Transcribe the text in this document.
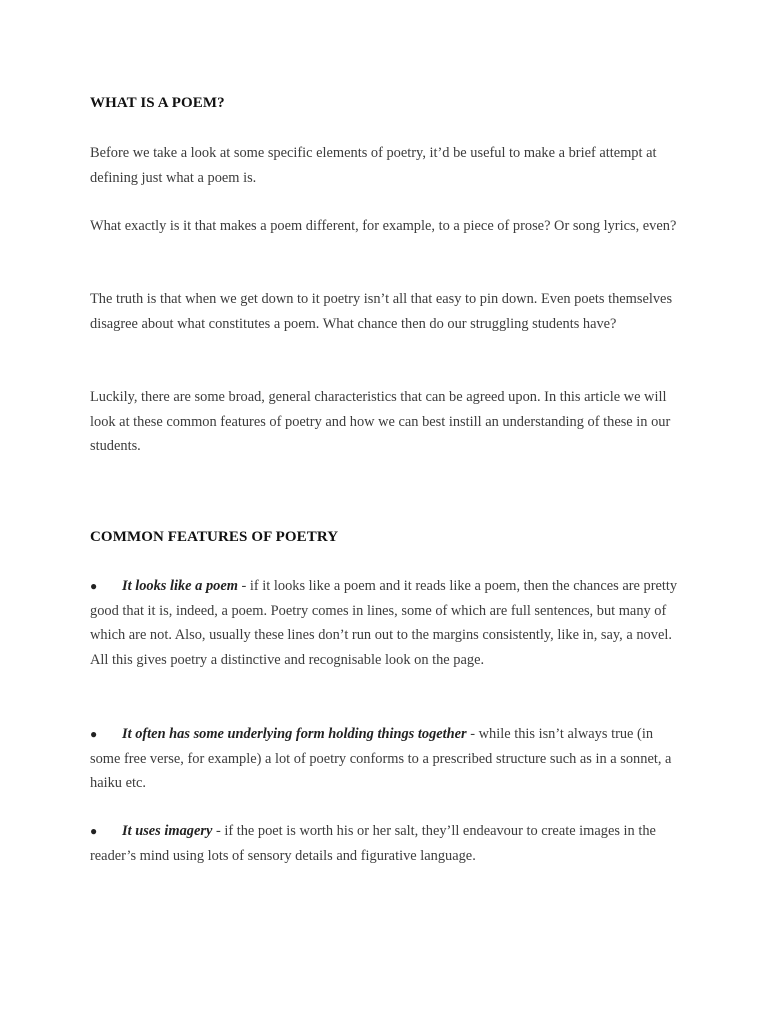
WHAT IS A POEM?

Before we take a look at some specific elements of poetry, it’d be useful to make a brief attempt at defining just what a poem is.

What exactly is it that makes a poem different, for example, to a piece of prose? Or song lyrics, even?

The truth is that when we get down to it poetry isn’t all that easy to pin down. Even poets themselves disagree about what constitutes a poem. What chance then do our struggling students have?

Luckily, there are some broad, general characteristics that can be agreed upon. In this article we will look at these common features of poetry and how we can best instill an understanding of these in our students.

COMMON FEATURES OF POETRY

● It looks like a poem - if it looks like a poem and it reads like a poem, then the chances are pretty good that it is, indeed, a poem. Poetry comes in lines, some of which are full sentences, but many of which are not. Also, usually these lines don’t run out to the margins consistently, like in, say, a novel. All this gives poetry a distinctive and recognisable look on the page.

● It often has some underlying form holding things together - while this isn’t always true (in some free verse, for example) a lot of poetry conforms to a prescribed structure such as in a sonnet, a haiku etc.

● It uses imagery - if the poet is worth his or her salt, they’ll endeavour to create images in the reader’s mind using lots of sensory details and figurative language.
